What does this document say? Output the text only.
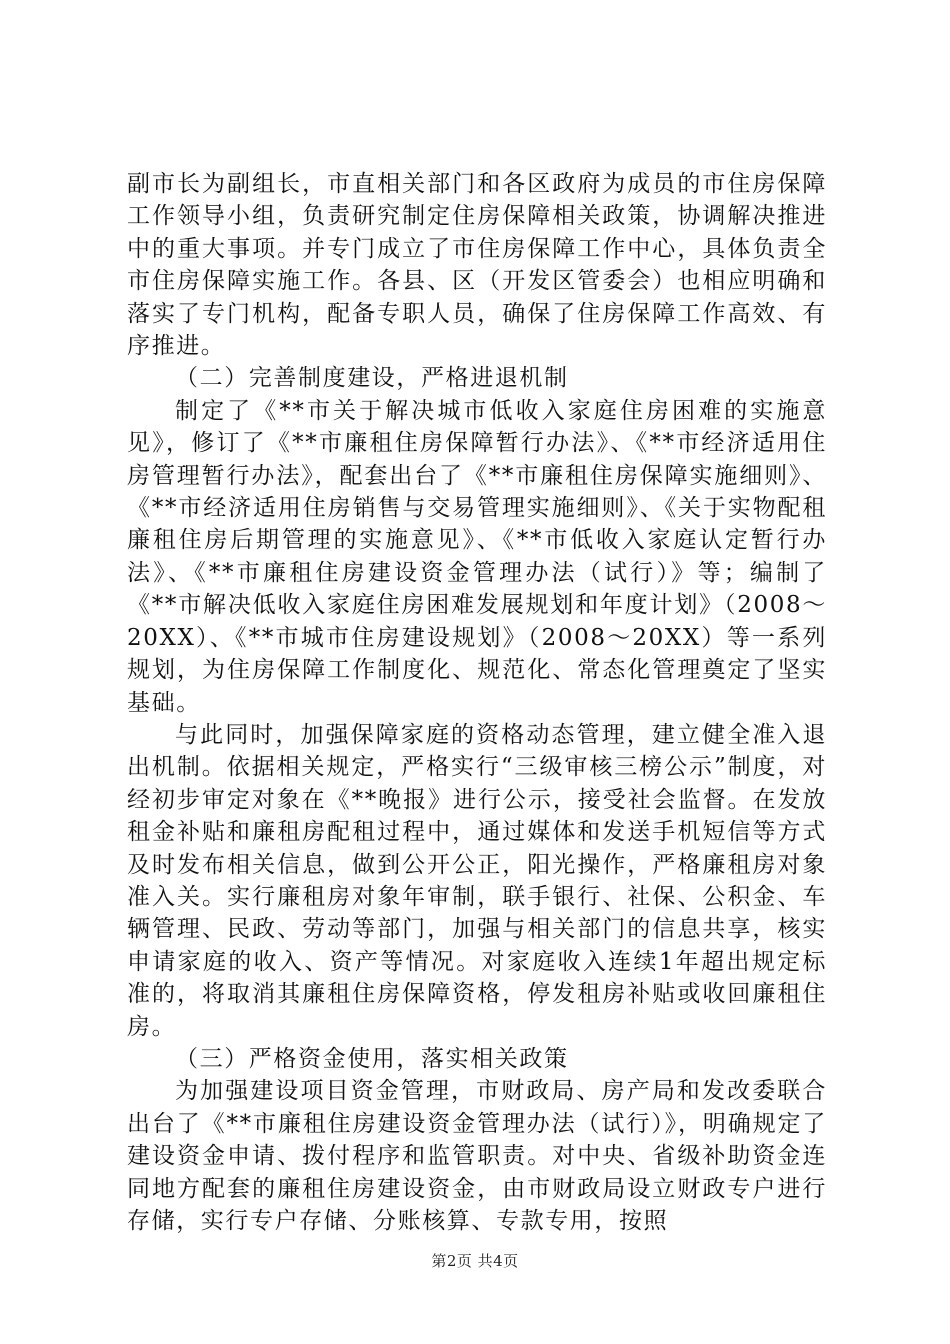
副市长为副组长，市直相关部门和各区政府为成员的市住房保障工作领导小组，负责研究制定住房保障相关政策，协调解决推进中的重大事项。并专门成立了市住房保障工作中心，具体负责全市住房保障实施工作。各县、区（开发区管委会）也相应明确和落实了专门机构，配备专职人员，确保了住房保障工作高效、有序推进。

（二）完善制度建设，严格进退机制

制定了《**市关于解决城市低收入家庭住房困难的实施意见》，修订了《**市廉租住房保障暂行办法》、《**市经济适用住房管理暂行办法》，配套出台了《**市廉租住房保障实施细则》、《**市经济适用住房销售与交易管理实施细则》、《关于实物配租廉租住房后期管理的实施意见》、《**市低收入家庭认定暂行办法》、《**市廉租住房建设资金管理办法（试行）》等；编制了《**市解决低收入家庭住房困难发展规划和年度计划》（2008～20XX）、《**市城市住房建设规划》（2008～20XX）等一系列规划，为住房保障工作制度化、规范化、常态化管理奠定了坚实基础。

与此同时，加强保障家庭的资格动态管理，建立健全准入退出机制。依据相关规定，严格实行“三级审核三榜公示”制度，对经初步审定对象在《**晚报》进行公示，接受社会监督。在发放租金补贴和廉租房配租过程中，通过媒体和发送手机短信等方式及时发布相关信息，做到公开公正，阳光操作，严格廉租房对象准入关。实行廉租房对象年审制，联手银行、社保、公积金、车辆管理、民政、劳动等部门，加强与相关部门的信息共享，核实申请家庭的收入、资产等情况。对家庭收入连续1年超出规定标准的，将取消其廉租住房保障资格，停发租房补贴或收回廉租住房。

（三）严格资金使用，落实相关政策

为加强建设项目资金管理，市财政局、房产局和发改委联合出台了《**市廉租住房建设资金管理办法（试行）》，明确规定了建设资金申请、拨付程序和监管职责。对中央、省级补助资金连同地方配套的廉租住房建设资金，由市财政局设立财政专户进行存储，实行专户存储、分账核算、专款专用，按照

第2页 共4页
